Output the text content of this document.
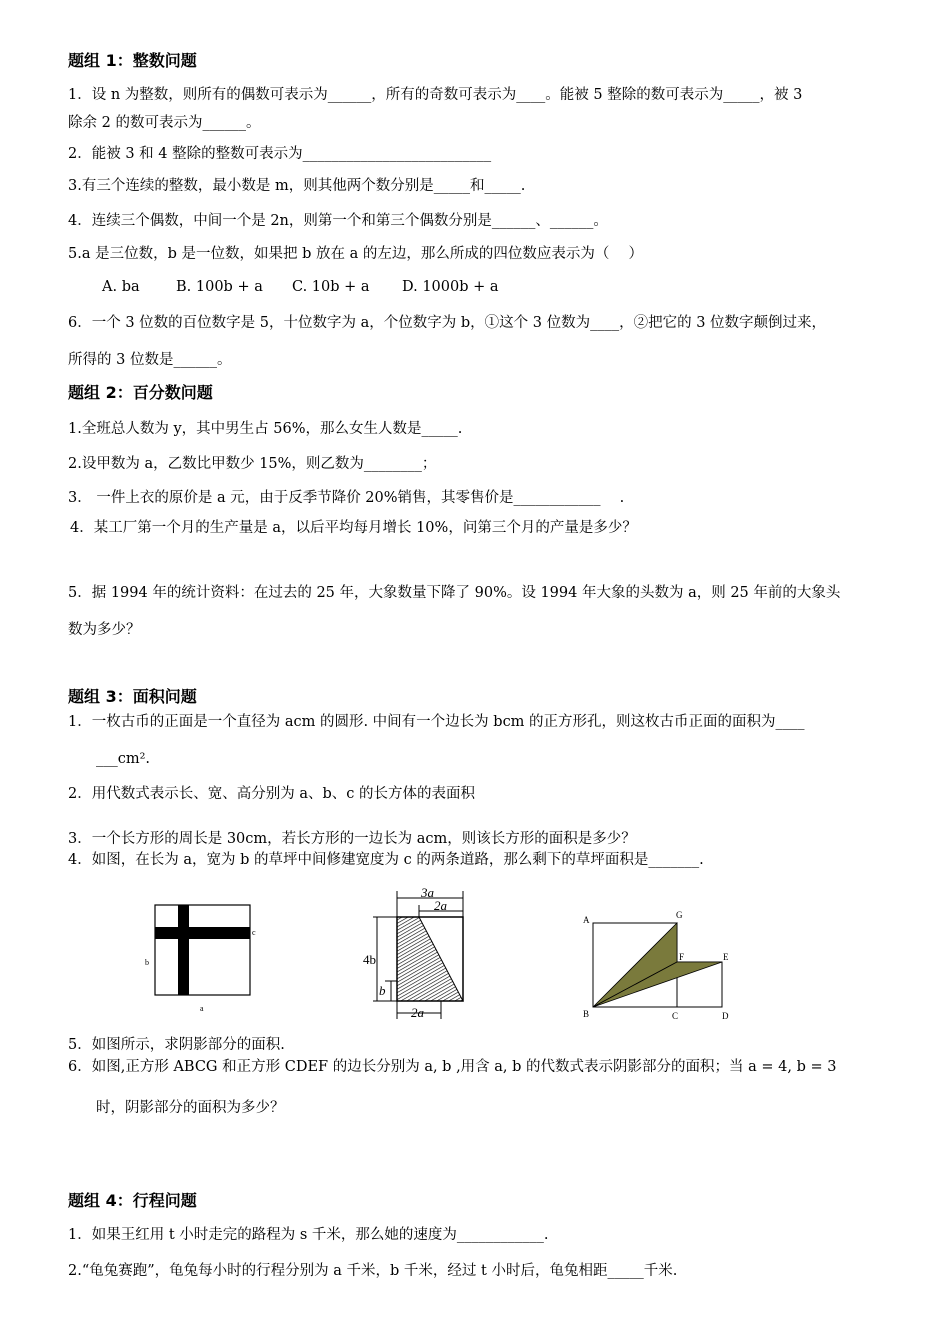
题组 1：整数问题
1．设 n 为整数，则所有的偶数可表示为______，所有的奇数可表示为____。能被 5 整除的数可表示为_____，被 3
除余 2 的数可表示为______。
2．能被 3 和 4 整除的整数可表示为__________________________
3.有三个连续的整数，最小数是 m，则其他两个数分别是_____和_____.
4．连续三个偶数，中间一个是 2n，则第一个和第三个偶数分别是______、______。
5.a 是三位数，b 是一位数，如果把 b 放在 a 的左边，那么所成的四位数应表示为（　 ）
A. ba	B. 100b + a C. 10b + a D. 1000b + a
6．一个 3 位数的百位数字是 5，十位数字为 a，个位数字为 b，①这个 3 位数为____，②把它的 3 位数字颠倒过来，
所得的 3 位数是______。
题组 2：百分数问题
1.全班总人数为 y，其中男生占 56%，那么女生人数是_____.
2.设甲数为 a，乙数比甲数少 15%，则乙数为________；
3． 一件上衣的原价是 a 元，由于反季节降价 20%销售，其零售价是____________　 .
4．某工厂第一个月的生产量是 a，以后平均每月增长 10%，问第三个月的产量是多少？
5．据 1994 年的统计资料：在过去的 25 年，大象数量下降了 90%。设 1994 年大象的头数为 a，则 25 年前的大象头
数为多少？
题组 3：面积问题
1．一枚古币的正面是一个直径为 acm 的圆形. 中间有一个边长为 bcm 的正方形孔，则这枚古币正面的面积为____
___cm².
2．用代数式表示长、宽、高分别为 a、b、c 的长方体的表面积
3．一个长方形的周长是 30cm，若长方形的一边长为 acm，则该长方形的面积是多少？
4．如图，在长为 a，宽为 b 的草坪中间修建宽度为 c 的两条道路，那么剩下的草坪面积是_______.
b
c
a
3a
2a
4b
b
2a
A	G
F	E
B	C	D
5．如图所示，求阴影部分的面积.
6．如图,正方形 ABCG 和正方形 CDEF 的边长分别为 a, b ,用含 a, b 的代数式表示阴影部分的面积；当 a = 4, b = 3
时，阴影部分的面积为多少？
题组 4：行程问题
1．如果王红用 t 小时走完的路程为 s 千米，那么她的速度为____________.
2.“龟兔赛跑”，龟兔每小时的行程分别为 a 千米，b 千米，经过 t 小时后，龟兔相距_____千米.
